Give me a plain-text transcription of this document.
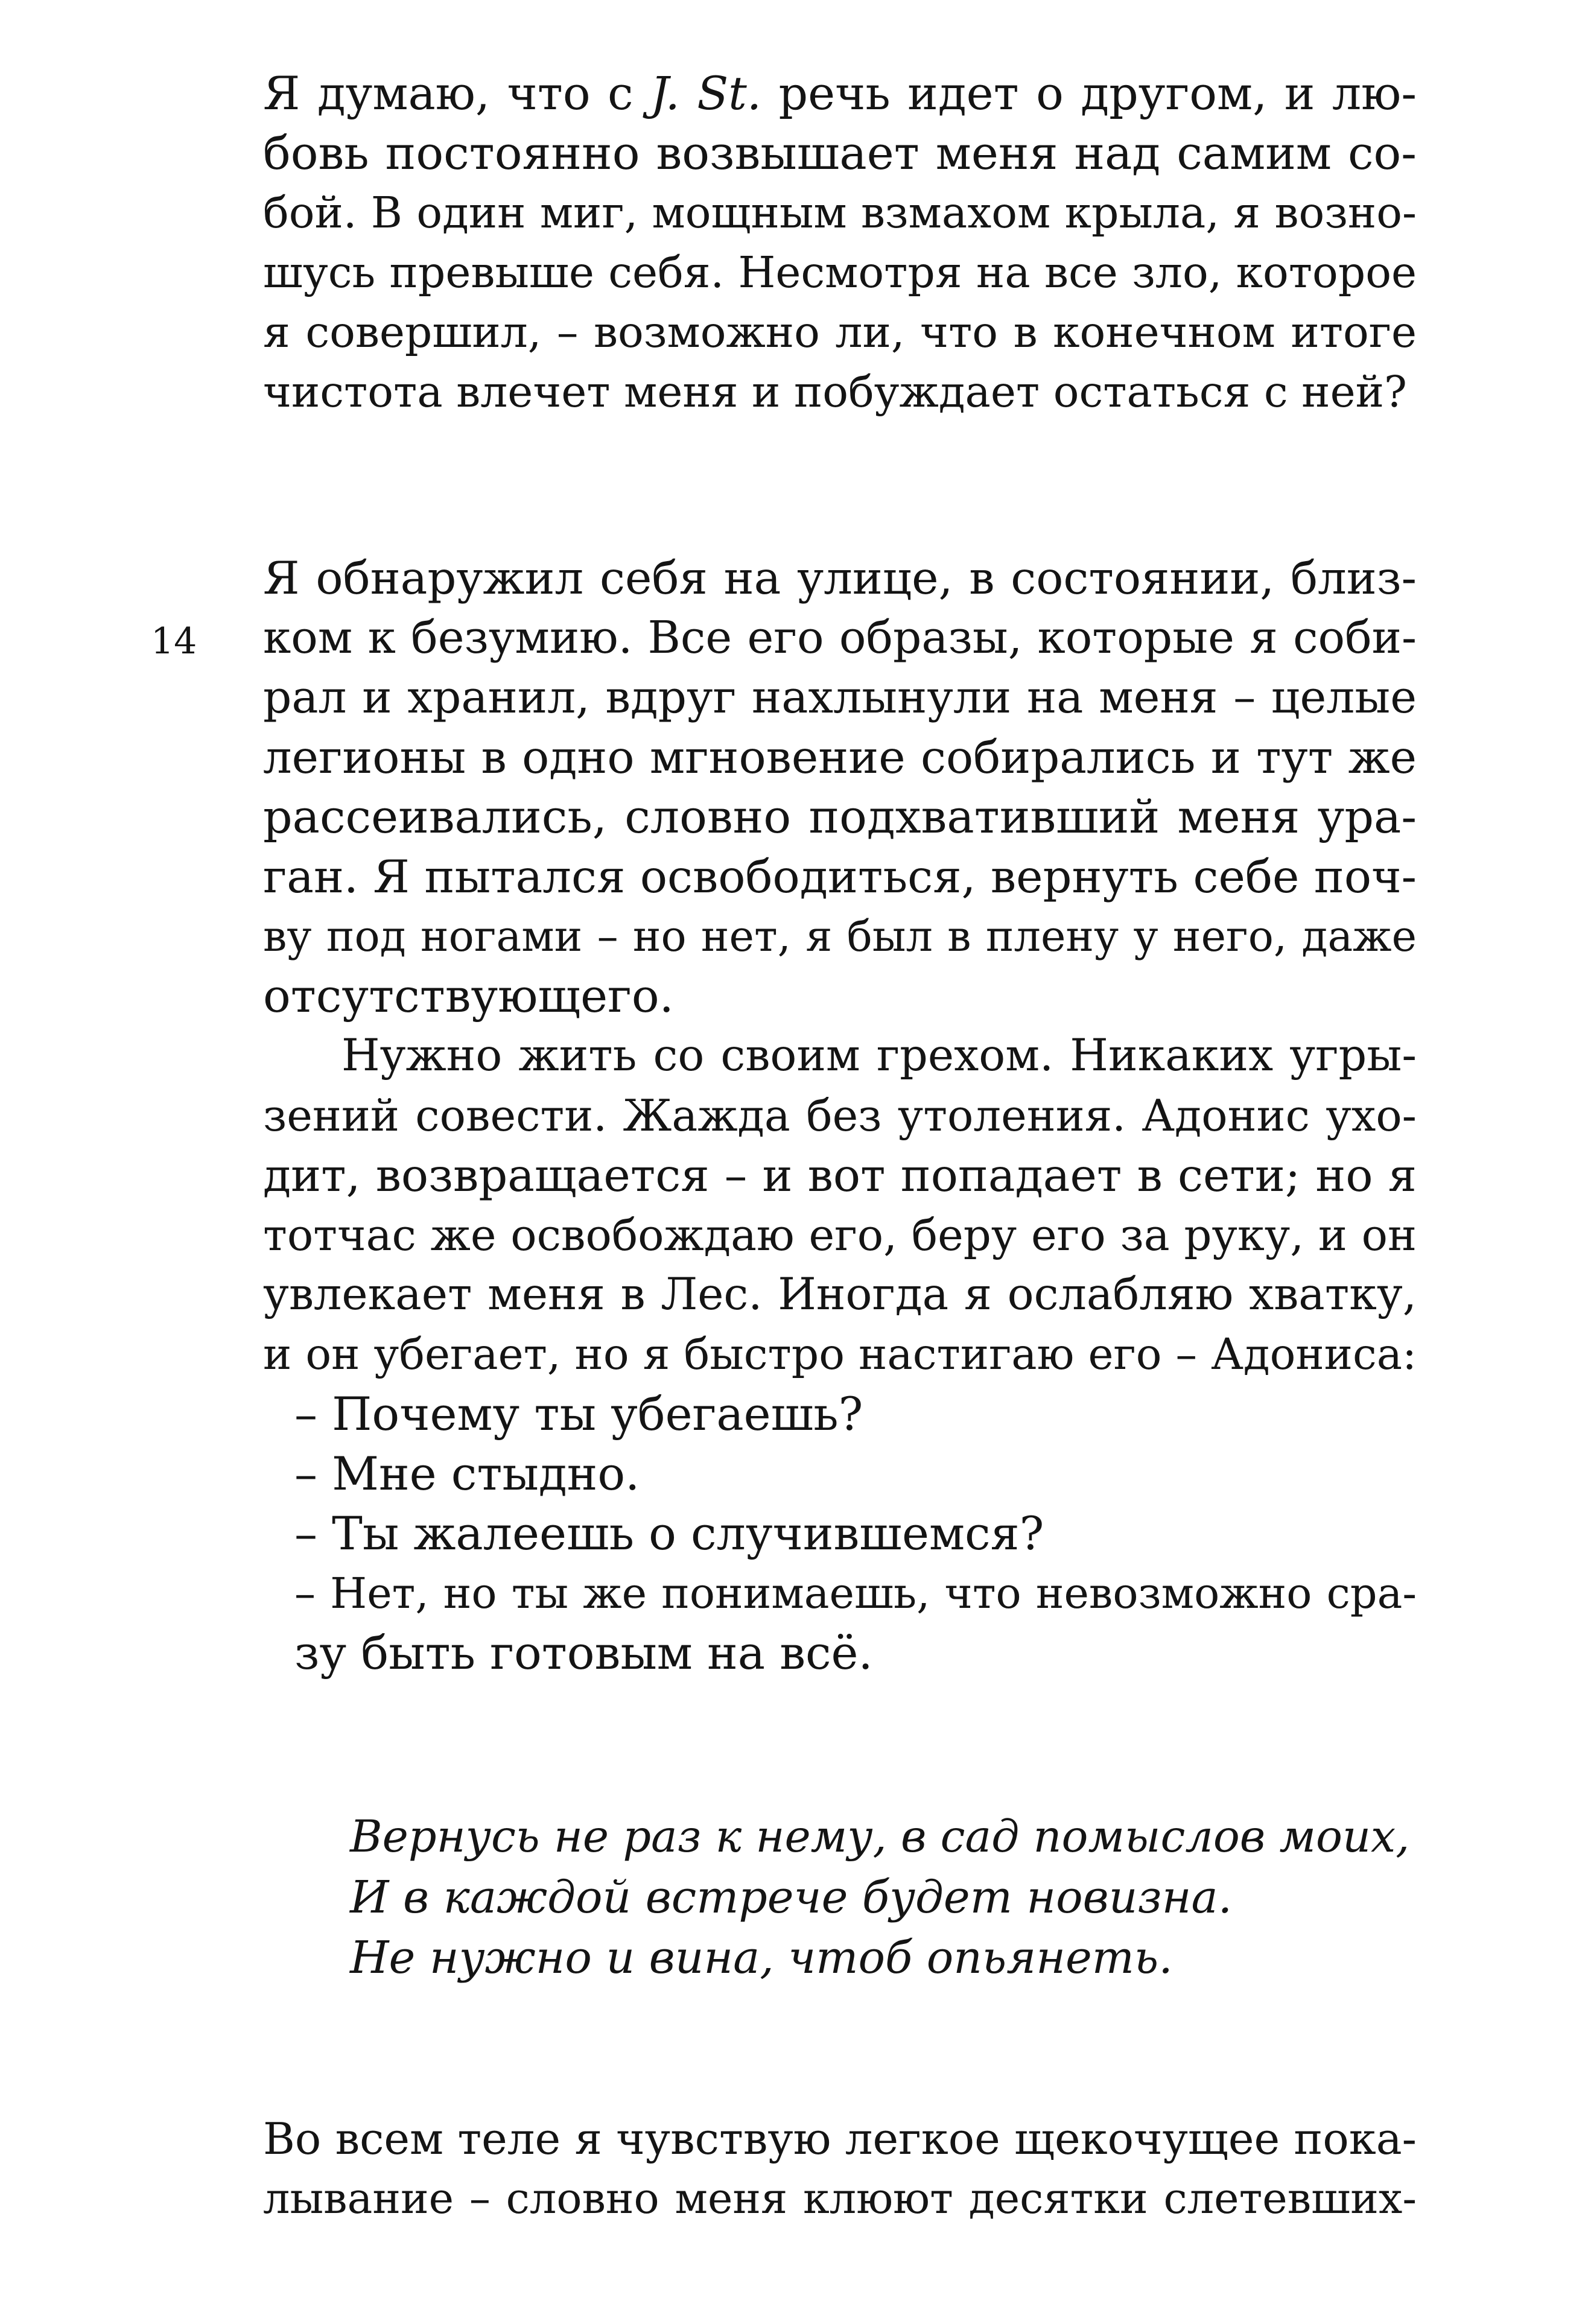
Я думаю, что с J. St. речь идет о другом, и лю-
бовь постоянно возвышает меня над самим со-
бой. В один миг, мощным взмахом крыла, я возно-
шусь превыше себя. Несмотря на все зло, которое
я совершил, – возможно ли, что в конечном итоге
чистота влечет меня и побуждает остаться с ней?
14
Я обнаружил себя на улице, в состоянии, близ-
ком к безумию. Все его образы, которые я соби-
рал и хранил, вдруг нахлынули на меня – целые
легионы в одно мгновение собирались и тут же
рассеивались, словно подхвативший меня ура-
ган. Я пытался освободиться, вернуть себе поч-
ву под ногами – но нет, я был в плену у него, даже
отсутствующего.
Нужно жить со своим грехом. Никаких угры-
зений совести. Жажда без утоления. Адонис ухо-
дит, возвращается – и вот попадает в сети; но я
тотчас же освобождаю его, беру его за руку, и он
увлекает меня в Лес. Иногда я ослабляю хватку,
и он убегает, но я быстро настигаю его – Адониса:
– Почему ты убегаешь?
– Мне стыдно.
– Ты жалеешь о случившемся?
– Нет, но ты же понимаешь, что невозможно сра-
зу быть готовым на всё.
Вернусь не раз к нему, в сад помыслов моих,
И в каждой встрече будет новизна.
Не нужно и вина, чтоб опьянеть.
Во всем теле я чувствую легкое щекочущее пока-
лывание – словно меня клюют десятки слетевших-
